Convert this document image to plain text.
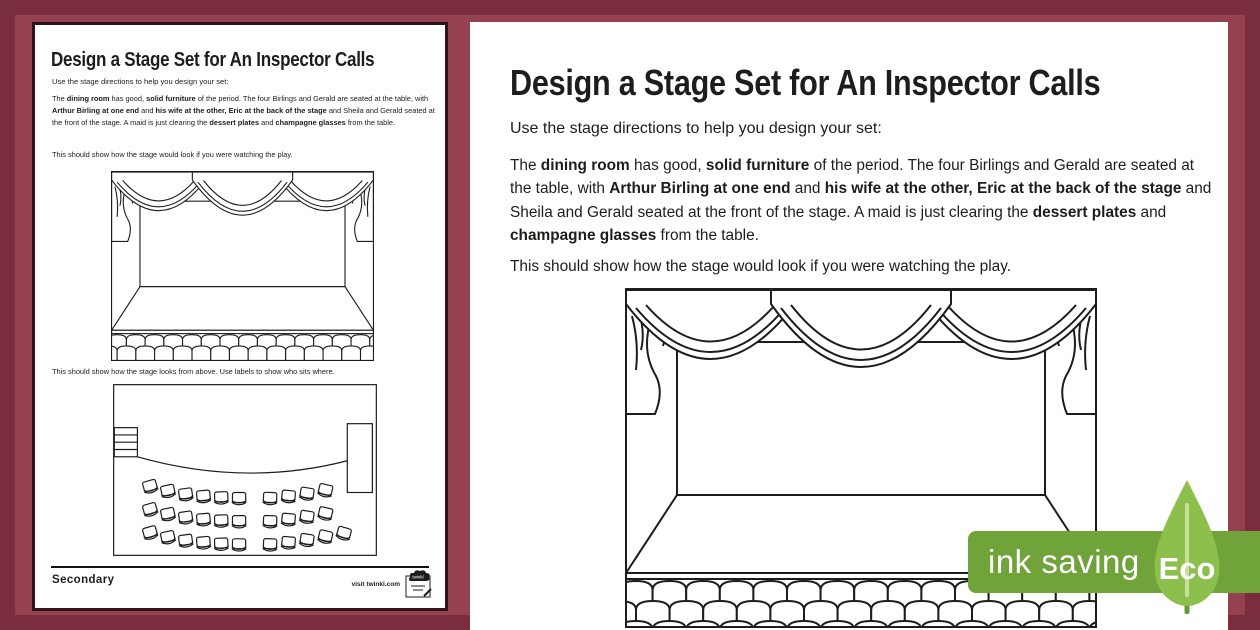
Design a Stage Set for An Inspector Calls
Use the stage directions to help you design your set:
The dining room has good, solid furniture of the period. The four Birlings and Gerald are seated at the table, with Arthur Birling at one end and his wife at the other, Eric at the back of the stage and Sheila and Gerald seated at the front of the stage. A maid is just clearing the dessert plates and champagne glasses from the table.
This should show how the stage would look if you were watching the play.
This should show how the stage looks from above. Use labels to show who sits where.
Secondary	visit twinkl.com
twinkl
Design a Stage Set for An Inspector Calls
Use the stage directions to help you design your set:
The dining room has good, solid furniture of the period. The four Birlings and Gerald are seated at the table, with Arthur Birling at one end and his wife at the other, Eric at the back of the stage and Sheila and Gerald seated at the front of the stage. A maid is just clearing the dessert plates and champagne glasses from the table.
This should show how the stage would look if you were watching the play.
ink saving Eco
